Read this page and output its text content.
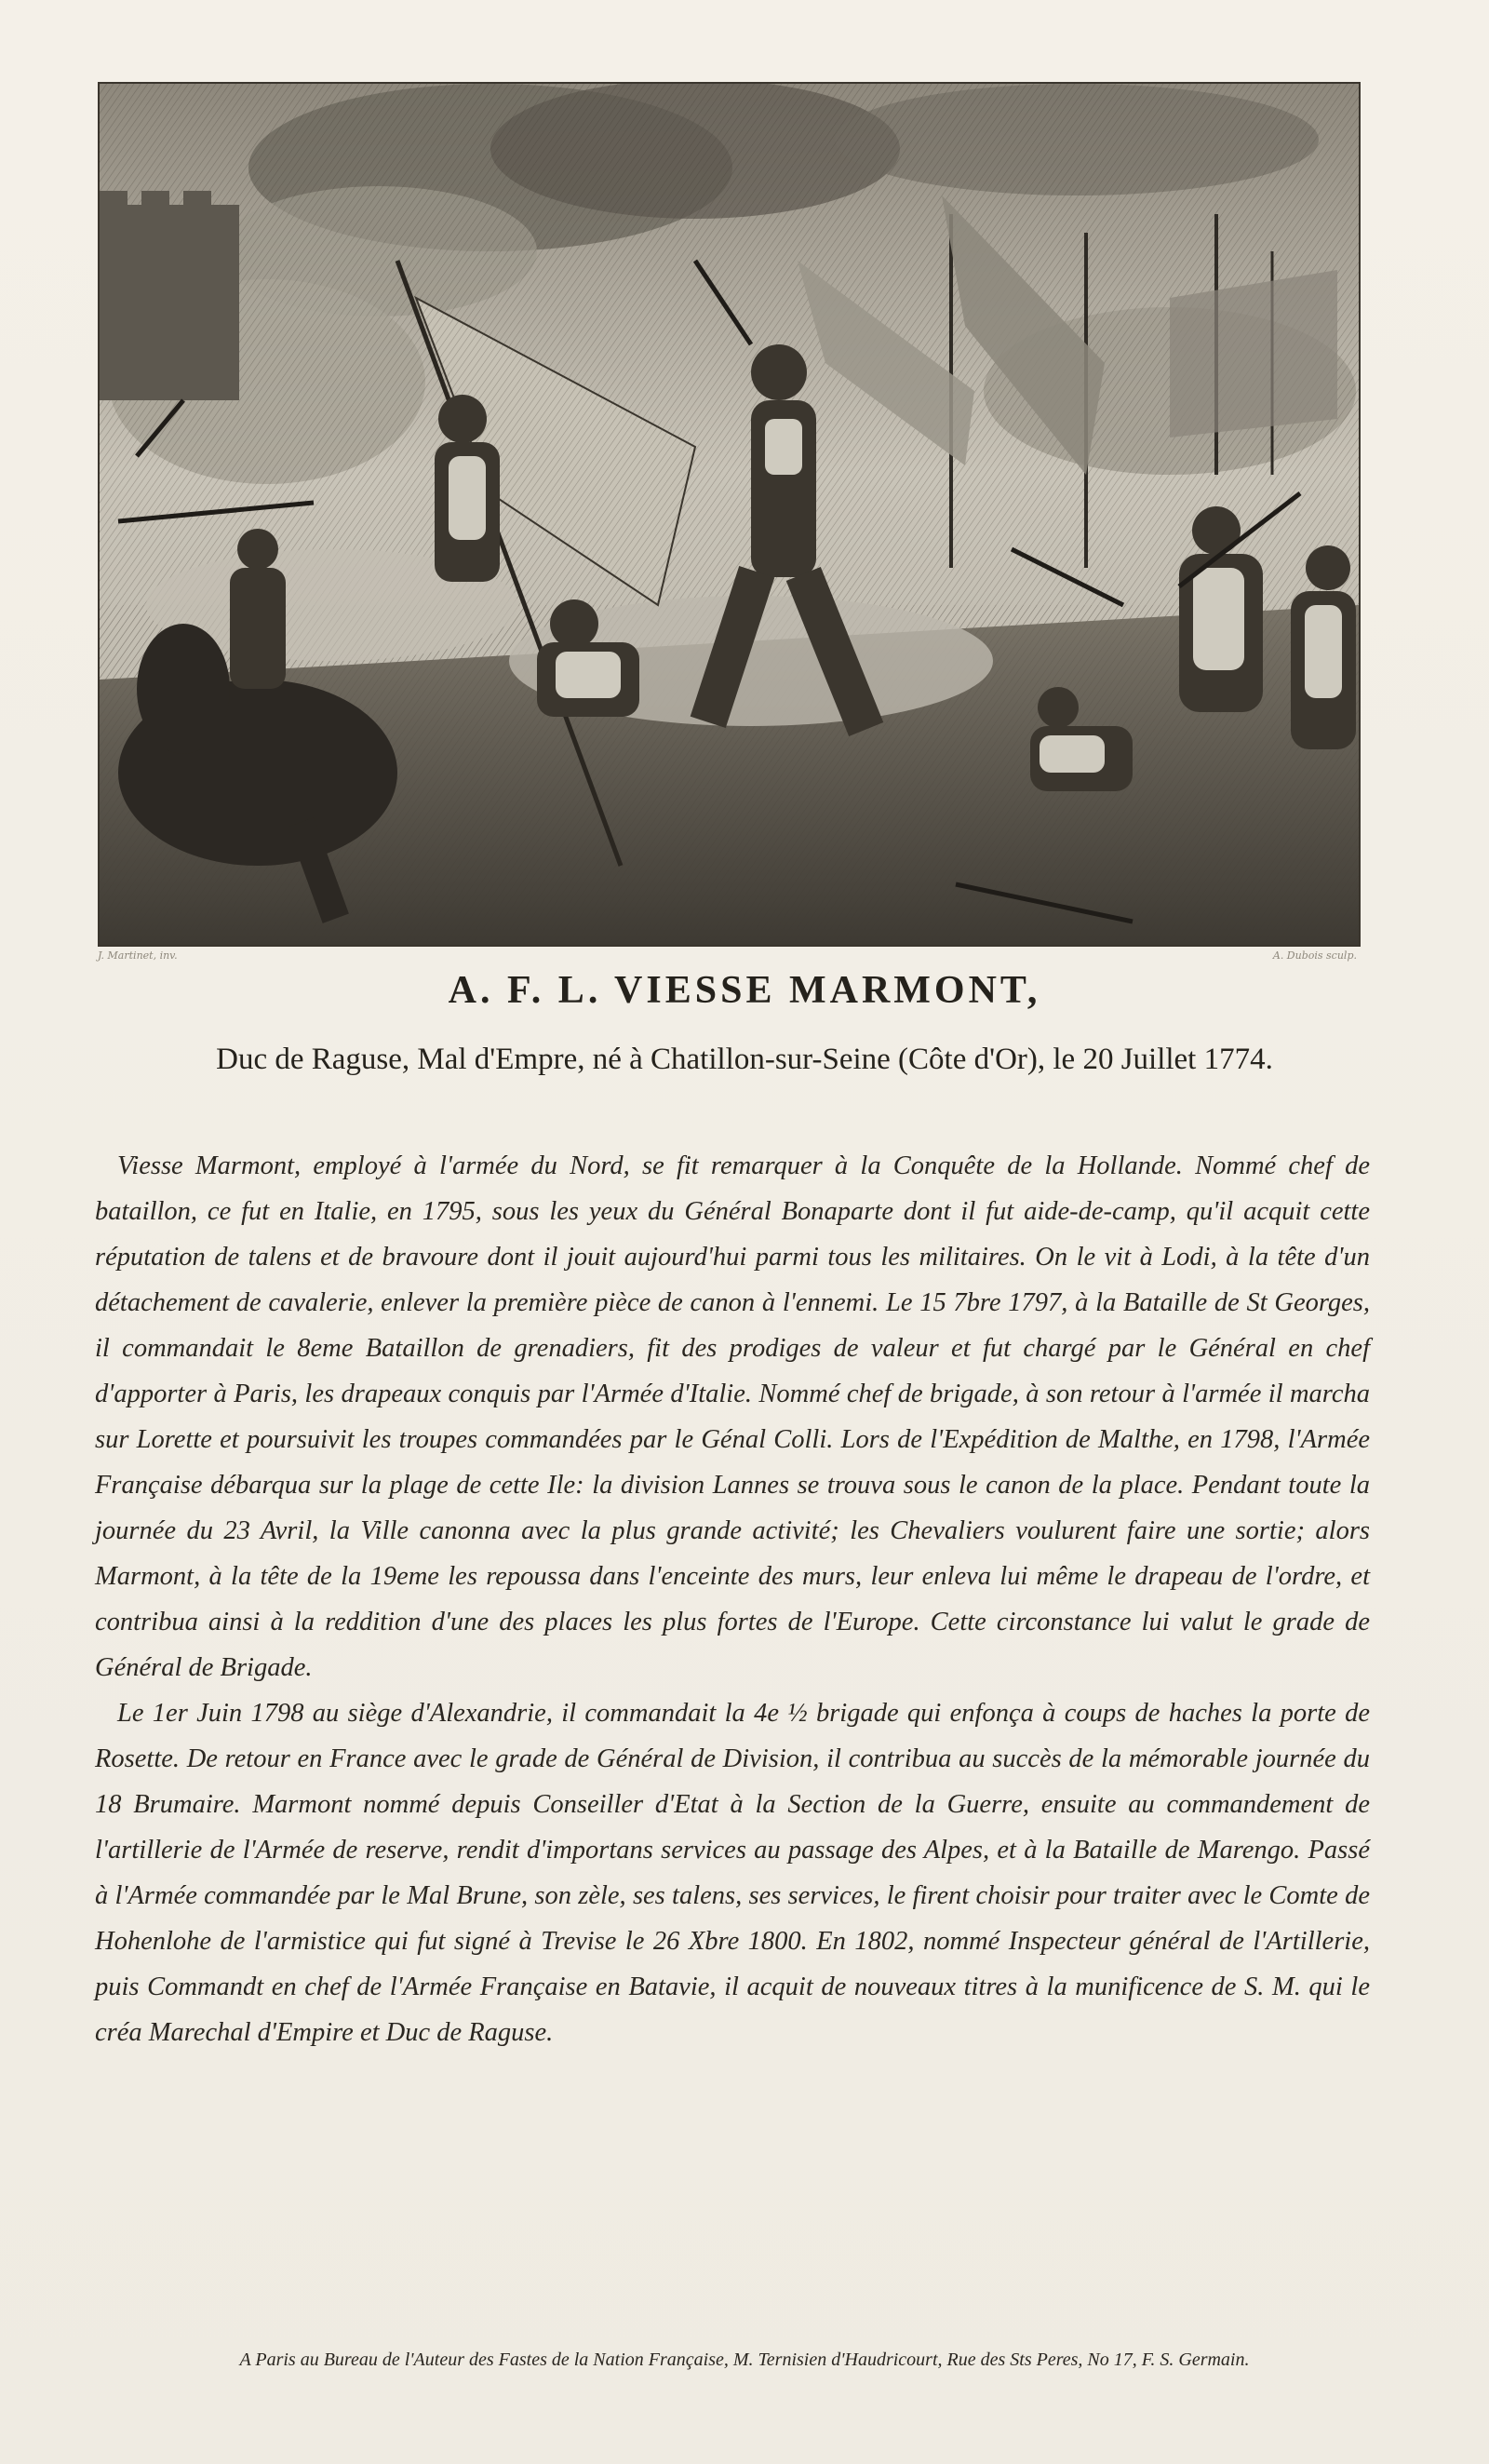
J. Martinet, inv.	A. Dubois sculp.
A. F. L. VIESSE MARMONT,
Duc de Raguse, Mal d'Empre, né à Chatillon-sur-Seine (Côte d'Or), le 20 Juillet 1774.

Viesse Marmont, employé à l'armée du Nord, se fit remarquer à la Conquête de la Hollande. Nommé chef de bataillon, ce fut en Italie, en 1795, sous les yeux du Général Bonaparte dont il fut aide-de-camp, qu'il acquit cette réputation de talens et de bravoure dont il jouit aujourd'hui parmi tous les militaires. On le vit à Lodi, à la tête d'un détachement de cavalerie, enlever la première pièce de canon à l'ennemi. Le 15 7bre 1797, à la Bataille de St Georges, il commandait le 8eme Bataillon de grenadiers, fit des prodiges de valeur et fut chargé par le Général en chef d'apporter à Paris, les drapeaux conquis par l'Armée d'Italie. Nommé chef de brigade, à son retour à l'armée il marcha sur Lorette et poursuivit les troupes commandées par le Génal Colli. Lors de l'Expédition de Malthe, en 1798, l'Armée Française débarqua sur la plage de cette Ile: la division Lannes se trouva sous le canon de la place. Pendant toute la journée du 23 Avril, la Ville canonna avec la plus grande activité; les Chevaliers voulurent faire une sortie; alors Marmont, à la tête de la 19eme les repoussa dans l'enceinte des murs, leur enleva lui même le drapeau de l'ordre, et contribua ainsi à la reddition d'une des places les plus fortes de l'Europe. Cette circonstance lui valut le grade de Général de Brigade.

Le 1er Juin 1798 au siège d'Alexandrie, il commandait la 4e ½ brigade qui enfonça à coups de haches la porte de Rosette. De retour en France avec le grade de Général de Division, il contribua au succès de la mémorable journée du 18 Brumaire. Marmont nommé depuis Conseiller d'Etat à la Section de la Guerre, ensuite au commandement de l'artillerie de l'Armée de reserve, rendit d'importans services au passage des Alpes, et à la Bataille de Marengo. Passé à l'Armée commandée par le Mal Brune, son zèle, ses talens, ses services, le firent choisir pour traiter avec le Comte de Hohenlohe de l'armistice qui fut signé à Trevise le 26 Xbre 1800. En 1802, nommé Inspecteur général de l'Artillerie, puis Commandt en chef de l'Armée Française en Batavie, il acquit de nouveaux titres à la munificence de S. M. qui le créa Marechal d'Empire et Duc de Raguse.

A Paris au Bureau de l'Auteur des Fastes de la Nation Française, M. Ternisien d'Haudricourt, Rue des Sts Peres, No 17, F. S. Germain.
